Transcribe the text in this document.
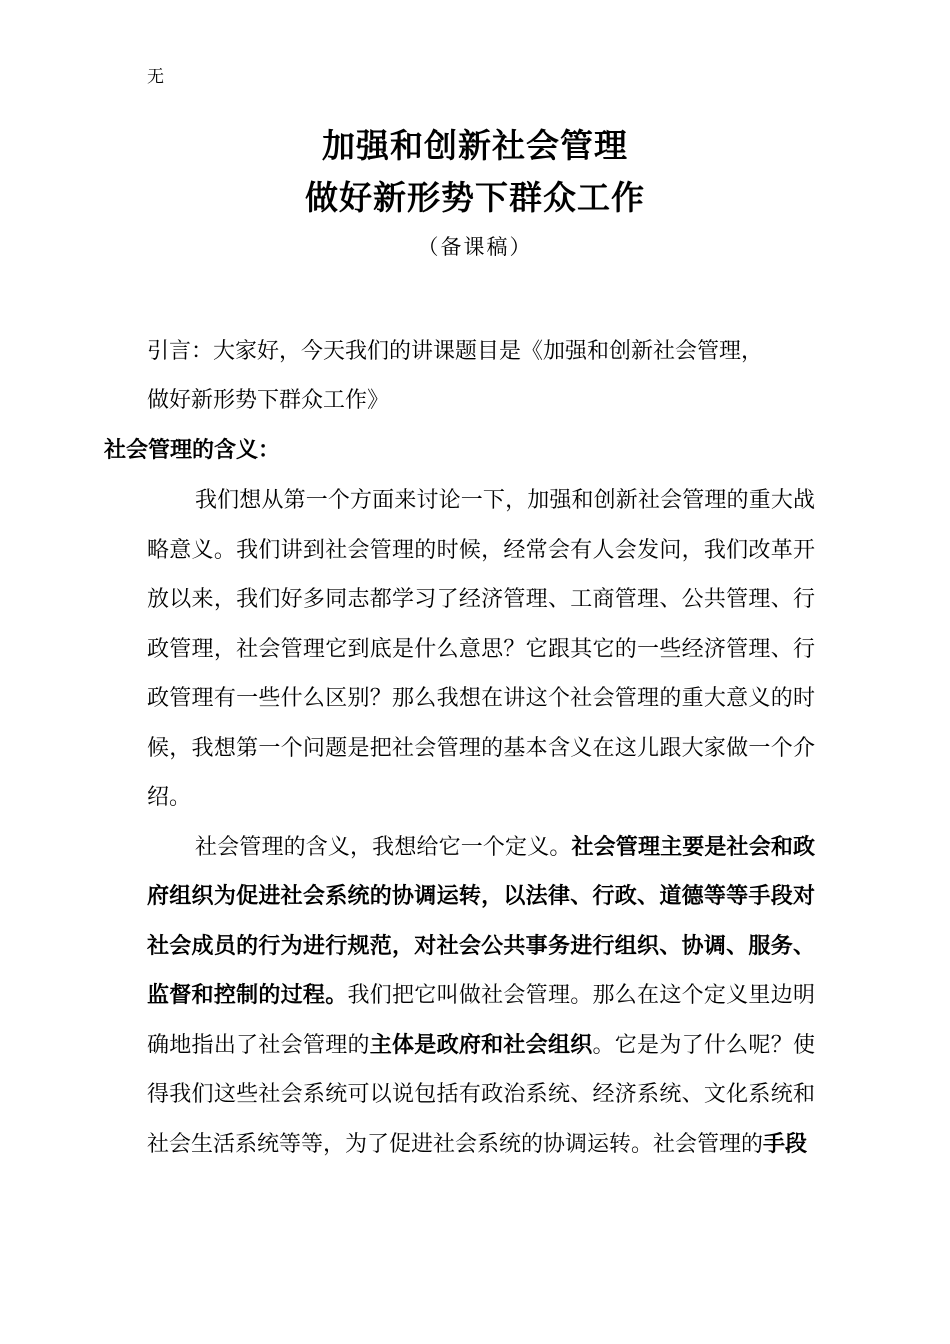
无
加强和创新社会管理
做好新形势下群众工作
（备课稿）
引言：大家好，今天我们的讲课题目是《加强和创新社会管理，
做好新形势下群众工作》
社会管理的含义：

我们想从第一个方面来讨论一下，加强和创新社会管理的重大战略意义。我们讲到社会管理的时候，经常会有人会发问，我们改革开放以来，我们好多同志都学习了经济管理、工商管理、公共管理、行政管理，社会管理它到底是什么意思？它跟其它的一些经济管理、行政管理有一些什么区别？那么我想在讲这个社会管理的重大意义的时候，我想第一个问题是把社会管理的基本含义在这儿跟大家做一个介绍。

社会管理的含义，我想给它一个定义。社会管理主要是社会和政府组织为促进社会系统的协调运转，以法律、行政、道德等等手段对社会成员的行为进行规范，对社会公共事务进行组织、协调、服务、监督和控制的过程。我们把它叫做社会管理。那么在这个定义里边明确地指出了社会管理的主体是政府和社会组织。它是为了什么呢？使得我们这些社会系统可以说包括有政治系统、经济系统、文化系统和社会生活系统等等，为了促进社会系统的协调运转。社会管理的手段
